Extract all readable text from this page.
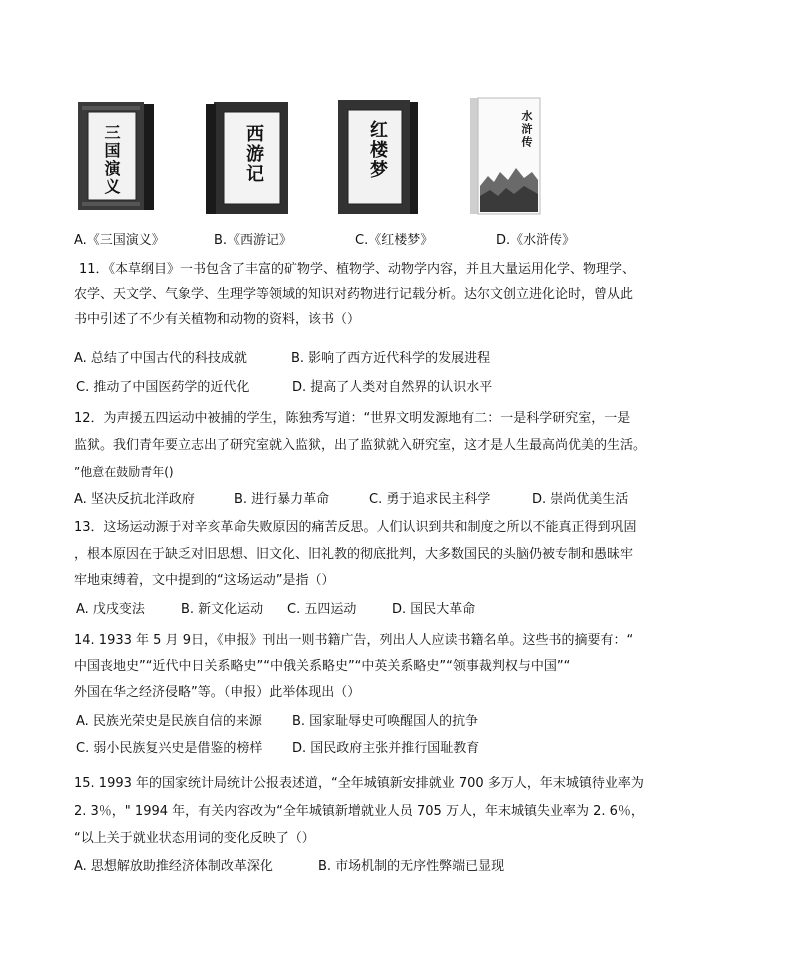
三国演义	西游记	红楼梦	水浒传
A.《三国演义》	B.《西游记》	C.《红楼梦》	D.《水浒传》
11．《本草纲目》一书包含了丰富的矿物学、植物学、动物学内容，并且大量运用化学、物理学、
农学、天文学、气象学、生理学等领域的知识对药物进行记载分析。达尔文创立进化论时，曾从此
书中引述了不少有关植物和动物的资料，该书（）
A. 总结了中国古代的科技成就	B. 影响了西方近代科学的发展进程
C. 推动了中国医药学的近代化	D. 提高了人类对自然界的认识水平
12．为声援五四运动中被捕的学生，陈独秀写道：“世界文明发源地有二：一是科学研究室，一是
监狱。我们青年要立志出了研究室就入监狱，出了监狱就入研究室，这才是人生最高尚优美的生活。
”他意在鼓励青年()
A. 坚决反抗北洋政府	B. 进行暴力革命	C. 勇于追求民主科学	D. 崇尚优美生活
13．这场运动源于对辛亥革命失败原因的痛苦反思。人们认识到共和制度之所以不能真正得到巩固
，根本原因在于缺乏对旧思想、旧文化、旧礼教的彻底批判，大多数国民的头脑仍被专制和愚昧牢
牢地束缚着，文中提到的“这场运动”是指（）
A. 戊戌变法	B. 新文化运动 C. 五四运动	D. 国民大革命
14. 1933 年 5 月 9日，《申报》刊出一则书籍广告，列出人人应读书籍名单。这些书的摘要有：“
中国丧地史”“近代中日关系略史”“中俄关系略史”“中英关系略史”“领事裁判权与中国”“
外国在华之经济侵略”等。（申报）此举体现出（）
A. 民族光荣史是民族自信的来源 B. 国家耻辱史可唤醒国人的抗争
C. 弱小民族复兴史是借鉴的榜样 D. 国民政府主张并推行国耻教育
15. 1993 年的国家统计局统计公报表述道，“全年城镇新安排就业 700 多万人，年末城镇待业率为
2. 3％，" 1994 年，有关内容改为“全年城镇新增就业人员 705 万人，年末城镇失业率为 2. 6％，
“以上关于就业状态用词的变化反映了（）
A. 思想解放助推经济体制改革深化	B. 市场机制的无序性弊端已显现
